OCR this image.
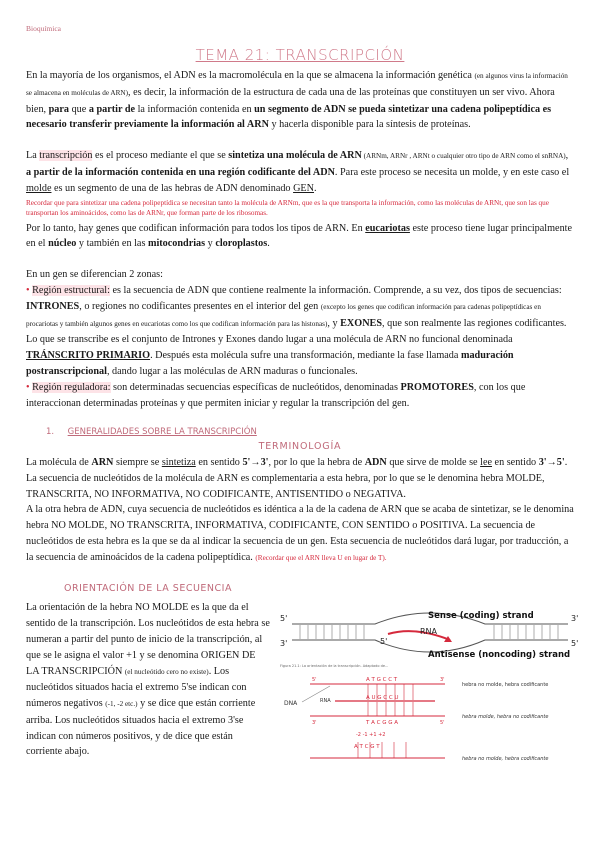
Bioquímica
TEMA 21: TRANSCRIPCIÓN

En la mayoría de los organismos, el ADN es la macromolécula en la que se almacena la información genética (en algunos virus la información se almacena en moléculas de ARN), es decir, la información de la estructura de cada una de las proteínas que constituyen un ser vivo. Ahora bien, para que a partir de la información contenida en un segmento de ADN se pueda sintetizar una cadena polipeptídica es necesario transferir previamente la información al ARN y hacerla disponible para la síntesis de proteínas.

La transcripción es el proceso mediante el que se sintetiza una molécula de ARN (ARNm, ARNr , ARNt o cualquier otro tipo de ARN como el snRNA), a partir de la información contenida en una región codificante del ADN. Para este proceso se necesita un molde, y en este caso el molde es un segmento de una de las hebras de ADN denominado GEN.

Recordar que para sintetizar una cadena polipeptídica se necesitan tanto la molécula de ARNm, que es la que transporta la información, como las moléculas de ARNt, que son las que transportan los aminoácidos, como las de ARNr, que forman parte de los ribosomas.

Por lo tanto, hay genes que codifican información para todos los tipos de ARN. En eucariotas este proceso tiene lugar principalmente en el núcleo y también en las mitocondrias y cloroplastos.

En un gen se diferencian 2 zonas:

• Región estructural: es la secuencia de ADN que contiene realmente la información. Comprende, a su vez, dos tipos de secuencias: INTRONES, o regiones no codificantes presentes en el interior del gen (excepto los genes que codifican información para cadenas polipeptídicas en procariotas y también algunos genes en eucariotas como los que codifican información para las histonas), y EXONES, que son realmente las regiones codificantes. Lo que se transcribe es el conjunto de Intrones y Exones dando lugar a una molécula de ARN no funcional denominada TRÁNSCRITO PRIMARIO. Después esta molécula sufre una transformación, mediante la fase llamada maduración postranscripcional, dando lugar a las moléculas de ARN maduras o funcionales.

• Región reguladora: son determinadas secuencias específicas de nucleótidos, denominadas PROMOTORES, con los que interaccionan determinadas proteínas y que permiten iniciar y regular la transcripción del gen.

1. GENERALIDADES SOBRE LA TRANSCRIPCIÓN
TERMINOLOGÍA

La molécula de ARN siempre se sintetiza en sentido 5'→3', por lo que la hebra de ADN que sirve de molde se lee en sentido 3'→5'. La secuencia de nucleótidos de la molécula de ARN es complementaria a esta hebra, por lo que se le denomina hebra MOLDE, TRANSCRITA, NO INFORMATIVA, NO CODIFICANTE, ANTISENTIDO o NEGATIVA.

A la otra hebra de ADN, cuya secuencia de nucleótidos es idéntica a la de la cadena de ARN que se acaba de sintetizar, se le denomina hebra NO MOLDE, NO TRANSCRITA, INFORMATIVA, CODIFICANTE, CON SENTIDO o POSITIVA. La secuencia de nucleótidos de esta hebra es la que se da al indicar la secuencia de un gen. Esta secuencia de nucleótidos dará lugar, por traducción, a la secuencia de aminoácidos de la cadena polipeptídica. (Recordar que el ARN lleva U en lugar de T).

ORIENTACIÓN DE LA SECUENCIA

La orientación de la hebra NO MOLDE es la que da el sentido de la transcripción. Los nucleótidos de esta hebra se numeran a partir del punto de inicio de la transcripción, al que se le asigna el valor +1 y se denomina ORIGEN DE LA TRANSCRIPCIÓN (el nucleótido cero no existe). Los nucleótidos situados hacia el extremo 5'se indican con números negativos (-1, -2 etc.) y se dice que están corriente arriba. Los nucleótidos situados hacia el extremo 3'se indican con números positivos, y de dice que están corriente abajo.

RNA
5'
5'
3'
3'
5'
Sense (coding) strand
Antisense (noncoding) strand
Figura 21.1: La orientación de la transcripción. Adaptado de...
DNA
A T G C C T
A U G C C U
T A C G G A
RNA
5'	3'
3'	5'
hebra no molde, hebra codificante
hebra molde, hebra no codificante
hebra no molde, hebra codificante
-2 -1 +1 +2
A T C G T
